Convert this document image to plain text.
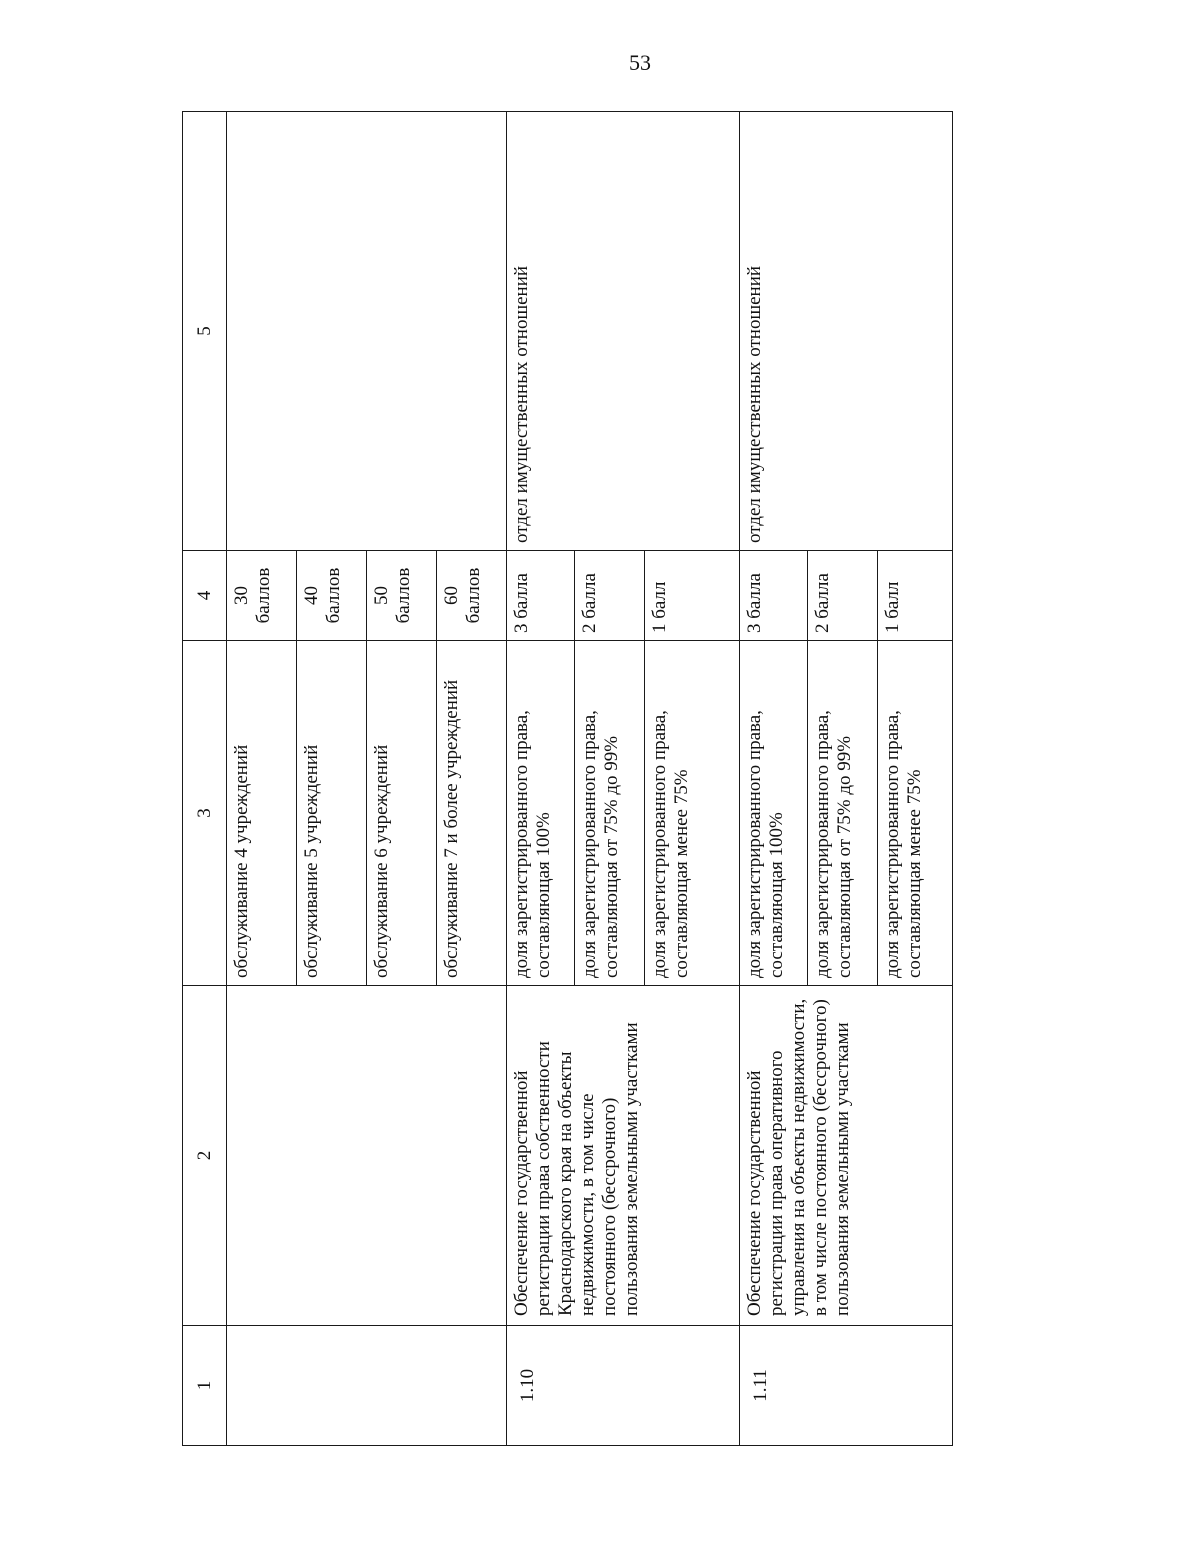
53
1	2	3	4	5
		обслуживание 4 учреждений	30 баллов	
		обслуживание 5 учреждений	40 баллов	
		обслуживание 6 учреждений	50 баллов	
		обслуживание 7 и более учреждений	60 баллов	
1.10	Обеспечение государственной регистрации права собственности Краснодарского края на объекты недвижимости, в том числе постоянного (бессрочного) пользования земельными участками	доля зарегистрированного права, составляющая 100%	3 балла	отдел имущественных отношений
		доля зарегистрированного права, составляющая от 75% до 99%	2 балла	
		доля зарегистрированного права, составляющая менее 75%	1 балл	
1.11	Обеспечение государственной регистрации права оперативного управления на объекты недвижимости, в том числе постоянного (бессрочного) пользования земельными участками	доля зарегистрированного права, составляющая 100%	3 балла	отдел имущественных отношений
		доля зарегистрированного права, составляющая от 75% до 99%	2 балла	
		доля зарегистрированного права, составляющая менее 75%	1 балл	
